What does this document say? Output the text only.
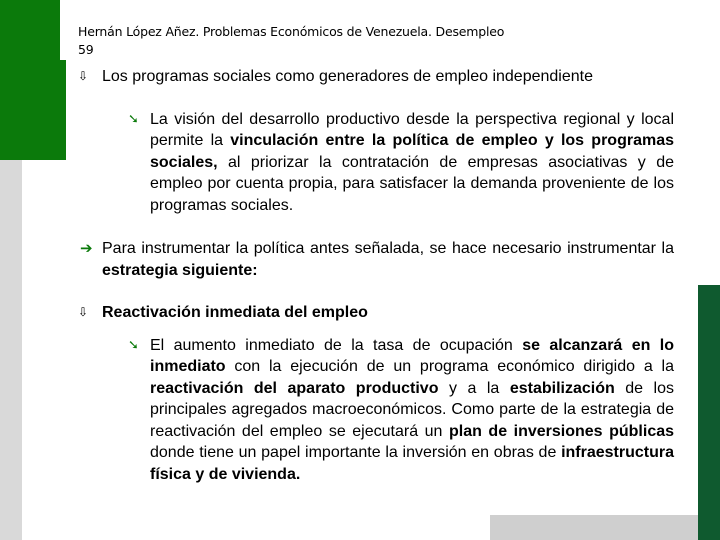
Hernán López Añez. Problemas Económicos de Venezuela. Desempleo
59
⇩ Los programas sociales como generadores de empleo independiente
➘ La visión del desarrollo productivo desde la perspectiva regional y local permite la vinculación entre la política de empleo y los programas sociales, al priorizar la contratación de empresas asociativas y de empleo por cuenta propia, para satisfacer la demanda proveniente de los programas sociales.
➔ Para instrumentar la política antes señalada, se hace necesario instrumentar la estrategia siguiente:
⇩ Reactivación inmediata del empleo
➘ El aumento inmediato de la tasa de ocupación se alcanzará en lo inmediato con la ejecución de un programa económico dirigido a la reactivación del aparato productivo y a la estabilización de los principales agregados macroeconómicos. Como parte de la estrategia de reactivación del empleo se ejecutará un plan de inversiones públicas donde tiene un papel importante la inversión en obras de infraestructura física y de vivienda.
